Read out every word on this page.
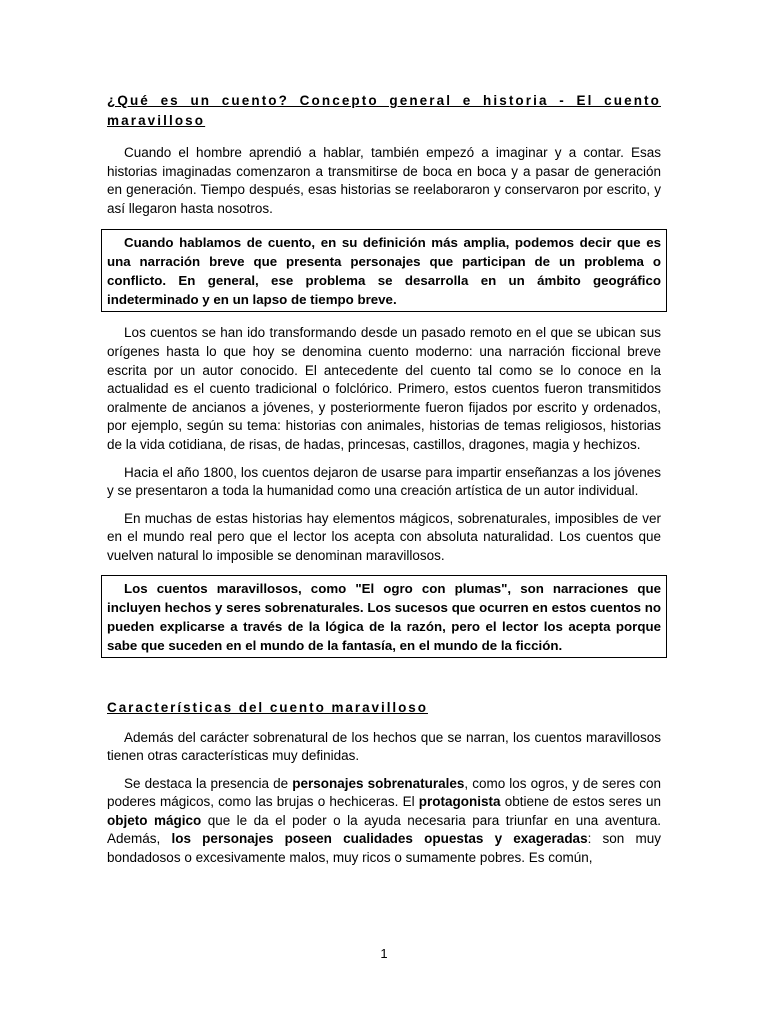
¿Qué es un cuento? Concepto general e historia - El cuento maravilloso

Cuando el hombre aprendió a hablar, también empezó a imaginar y a contar. Esas historias imaginadas comenzaron a transmitirse de boca en boca y a pasar de generación en generación. Tiempo después, esas historias se reelaboraron y conservaron por escrito, y así llegaron hasta nosotros.

Cuando hablamos de cuento, en su definición más amplia, podemos decir que es una narración breve que presenta personajes que participan de un problema o conflicto. En general, ese problema se desarrolla en un ámbito geográfico indeterminado y en un lapso de tiempo breve.

Los cuentos se han ido transformando desde un pasado remoto en el que se ubican sus orígenes hasta lo que hoy se denomina cuento moderno: una narración ficcional breve escrita por un autor conocido. El antecedente del cuento tal como se lo conoce en la actualidad es el cuento tradicional o folclórico. Primero, estos cuentos fueron transmitidos oralmente de ancianos a jóvenes, y posteriormente fueron fijados por escrito y ordenados, por ejemplo, según su tema: historias con animales, historias de temas religiosos, historias de la vida cotidiana, de risas, de hadas, princesas, castillos, dragones, magia y hechizos.

Hacia el año 1800, los cuentos dejaron de usarse para impartir enseñanzas a los jóvenes y se presentaron a toda la humanidad como una creación artística de un autor individual.

En muchas de estas historias hay elementos mágicos, sobrenaturales, imposibles de ver en el mundo real pero que el lector los acepta con absoluta naturalidad. Los cuentos que vuelven natural lo imposible se denominan maravillosos.

Los cuentos maravillosos, como "El ogro con plumas", son narraciones que incluyen hechos y seres sobrenaturales. Los sucesos que ocurren en estos cuentos no pueden explicarse a través de la lógica de la razón, pero el lector los acepta porque sabe que suceden en el mundo de la fantasía, en el mundo de la ficción.
Características del cuento maravilloso

Además del carácter sobrenatural de los hechos que se narran, los cuentos maravillosos tienen otras características muy definidas.

Se destaca la presencia de personajes sobrenaturales, como los ogros, y de seres con poderes mágicos, como las brujas o hechiceras. El protagonista obtiene de estos seres un objeto mágico que le da el poder o la ayuda necesaria para triunfar en una aventura. Además, los personajes poseen cualidades opuestas y exageradas: son muy bondadosos o excesivamente malos, muy ricos o sumamente pobres. Es común,

1
